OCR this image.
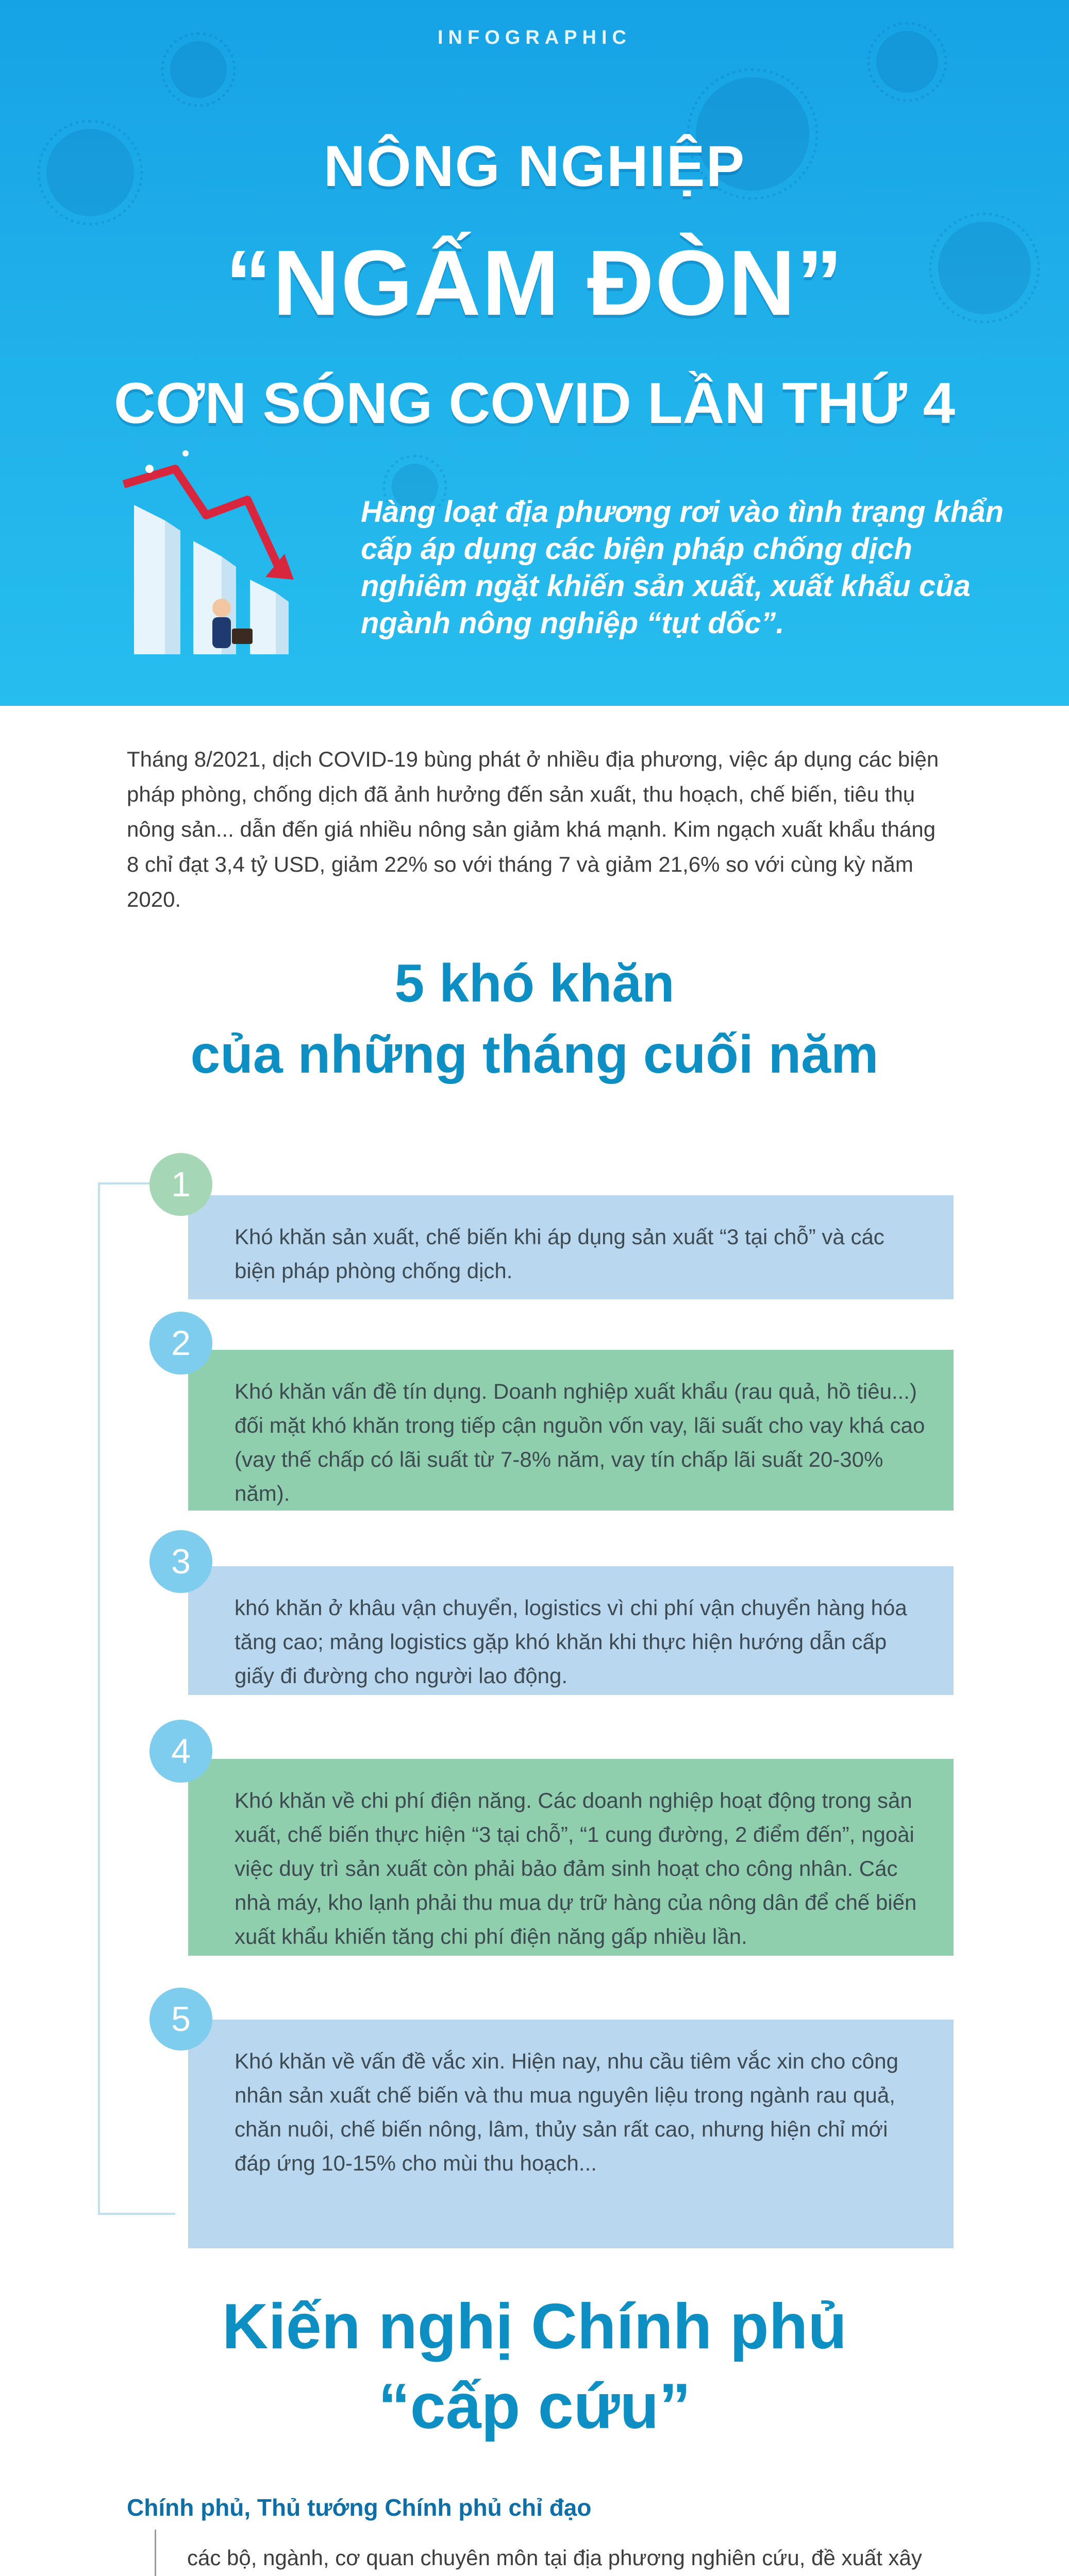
INFOGRAPHIC
NÔNG NGHIỆP
“NGẤM ĐÒN”
CƠN SÓNG COVID LẦN THỨ 4
Hàng loạt địa phương rơi vào tình trạng khẩn cấp áp dụng các biện pháp chống dịch nghiêm ngặt khiến sản xuất, xuất khẩu của ngành nông nghiệp “tụt dốc”.
Tháng 8/2021, dịch COVID-19 bùng phát ở nhiều địa phương, việc áp dụng các biện pháp phòng, chống dịch đã ảnh hưởng đến sản xuất, thu hoạch, chế biến, tiêu thụ nông sản... dẫn đến giá nhiều nông sản giảm khá mạnh. Kim ngạch xuất khẩu tháng 8 chỉ đạt 3,4 tỷ USD, giảm 22% so với tháng 7 và giảm 21,6% so với cùng kỳ năm 2020.
5 khó khăn
của những tháng cuối năm
Khó khăn sản xuất, chế biến khi áp dụng sản xuất “3 tại chỗ” và các biện pháp phòng chống dịch.
1
Khó khăn vấn đề tín dụng. Doanh nghiệp xuất khẩu (rau quả, hồ tiêu...) đối mặt khó khăn trong tiếp cận nguồn vốn vay, lãi suất cho vay khá cao (vay thế chấp có lãi suất từ 7-8% năm, vay tín chấp lãi suất 20-30% năm).
2
khó khăn ở khâu vận chuyển, logistics vì chi phí vận chuyển hàng hóa tăng cao; mảng logistics gặp khó khăn khi thực hiện hướng dẫn cấp giấy đi đường cho người lao động.
3
Khó khăn về chi phí điện năng. Các doanh nghiệp hoạt động trong sản xuất, chế biến thực hiện “3 tại chỗ”, “1 cung đường, 2 điểm đến”, ngoài việc duy trì sản xuất còn phải bảo đảm sinh hoạt cho công nhân. Các nhà máy, kho lạnh phải thu mua dự trữ hàng của nông dân để chế biến xuất khẩu khiến tăng chi phí điện năng gấp nhiều lần.
4
Khó khăn về vấn đề vắc xin. Hiện nay, nhu cầu tiêm vắc xin cho công nhân sản xuất chế biến và thu mua nguyên liệu trong ngành rau quả, chăn nuôi, chế biến nông, lâm, thủy sản rất cao, nhưng hiện chỉ mới đáp ứng 10-15% cho mùi thu hoạch...
5
Kiến nghị Chính phủ
“cấp cứu”
Chính phủ, Thủ tướng Chính phủ chỉ đạo
các bộ, ngành, cơ quan chuyên môn tại địa phương nghiên cứu, đề xuất xây
